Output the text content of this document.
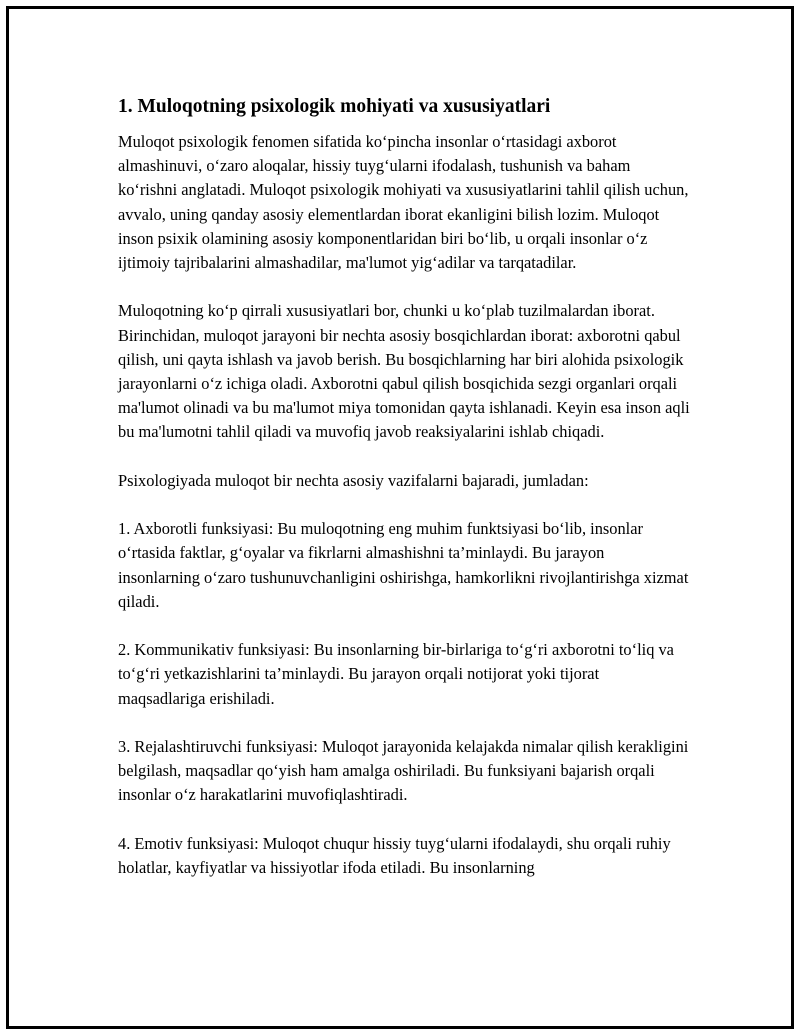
1. Muloqotning psixologik mohiyati va xususiyatlari

Muloqot psixologik fenomen sifatida ko‘pincha insonlar o‘rtasidagi axborot almashinuvi, o‘zaro aloqalar, hissiy tuyg‘ularni ifodalash, tushunish va baham ko‘rishni anglatadi. Muloqot psixologik mohiyati va xususiyatlarini tahlil qilish uchun, avvalo, uning qanday asosiy elementlardan iborat ekanligini bilish lozim. Muloqot inson psixik olamining asosiy komponentlaridan biri bo‘lib, u orqali insonlar o‘z ijtimoiy tajribalarini almashadilar, ma'lumot yig‘adilar va tarqatadilar.

Muloqotning ko‘p qirrali xususiyatlari bor, chunki u ko‘plab tuzilmalardan iborat. Birinchidan, muloqot jarayoni bir nechta asosiy bosqichlardan iborat: axborotni qabul qilish, uni qayta ishlash va javob berish. Bu bosqichlarning har biri alohida psixologik jarayonlarni o‘z ichiga oladi. Axborotni qabul qilish bosqichida sezgi organlari orqali ma'lumot olinadi va bu ma'lumot miya tomonidan qayta ishlanadi. Keyin esa inson aqli bu ma'lumotni tahlil qiladi va muvofiq javob reaksiyalarini ishlab chiqadi.

Psixologiyada muloqot bir nechta asosiy vazifalarni bajaradi, jumladan:

1. Axborotli funksiyasi: Bu muloqotning eng muhim funktsiyasi bo‘lib, insonlar o‘rtasida faktlar, g‘oyalar va fikrlarni almashishni ta’minlaydi. Bu jarayon insonlarning o‘zaro tushunuvchanligini oshirishga, hamkorlikni rivojlantirishga xizmat qiladi.

2. Kommunikativ funksiyasi: Bu insonlarning bir-birlariga to‘g‘ri axborotni to‘liq va to‘g‘ri yetkazishlarini ta’minlaydi. Bu jarayon orqali notijorat yoki tijorat maqsadlariga erishiladi.

3. Rejalashtiruvchi funksiyasi: Muloqot jarayonida kelajakda nimalar qilish kerakligini belgilash, maqsadlar qo‘yish ham amalga oshiriladi. Bu funksiyani bajarish orqali insonlar o‘z harakatlarini muvofiqlashtiradi.

4. Emotiv funksiyasi: Muloqot chuqur hissiy tuyg‘ularni ifodalaydi, shu orqali ruhiy holatlar, kayfiyatlar va hissiyotlar ifoda etiladi. Bu insonlarning
